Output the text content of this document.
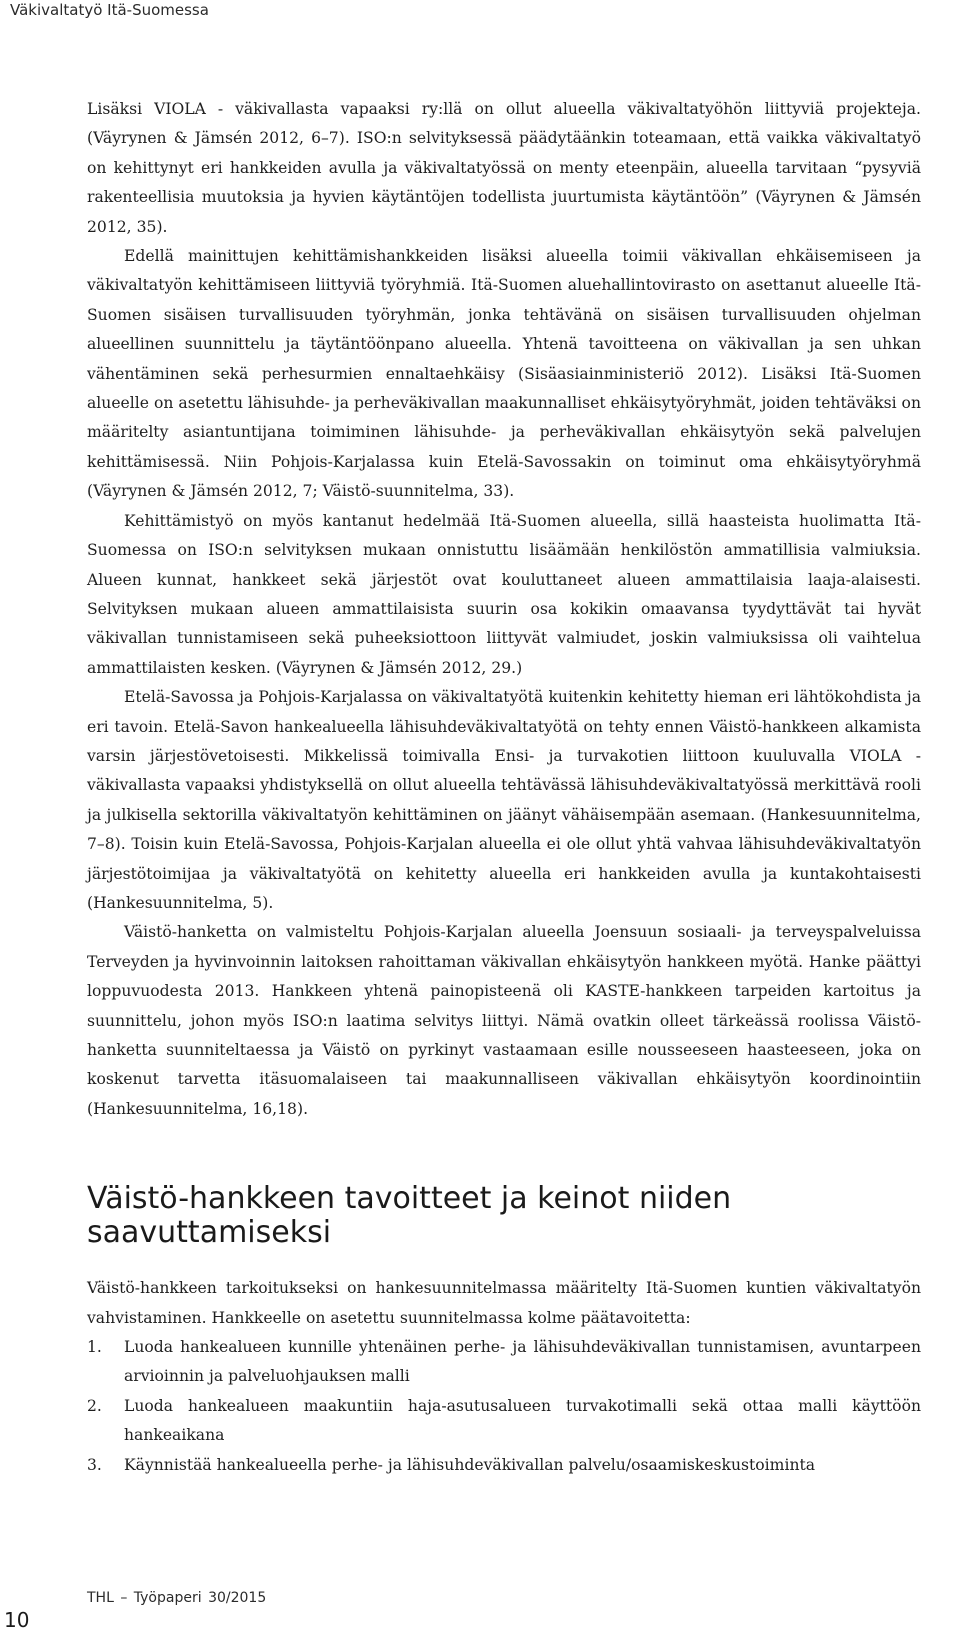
Väkivaltatyö Itä-Suomessa

Lisäksi VIOLA - väkivallasta vapaaksi ry:llä on ollut alueella väkivaltatyöhön liittyviä projekteja. (Väyrynen & Jämsén 2012, 6–7). ISO:n selvityksessä päädytäänkin toteamaan, että vaikka väkivaltatyö on kehittynyt eri hankkeiden avulla ja väkivaltatyössä on menty eteenpäin, alueella tarvitaan “pysyviä rakenteellisia muutoksia ja hyvien käytäntöjen todellista juurtumista käytäntöön” (Väyrynen & Jämsén 2012, 35).

Edellä mainittujen kehittämishankkeiden lisäksi alueella toimii väkivallan ehkäisemiseen ja väkivaltatyön kehittämiseen liittyviä työryhmiä. Itä-Suomen aluehallintovirasto on asettanut alueelle Itä-Suomen sisäisen turvallisuuden työryhmän, jonka tehtävänä on sisäisen turvallisuuden ohjelman alueellinen suunnittelu ja täytäntöönpano alueella. Yhtenä tavoitteena on väkivallan ja sen uhkan vähentäminen sekä perhesurmien ennaltaehkäisy (Sisäasiainministeriö 2012). Lisäksi Itä-Suomen alueelle on asetettu lähisuhde- ja perheväkivallan maakunnalliset ehkäisytyöryhmät, joiden tehtäväksi on määritelty asiantuntijana toimiminen lähisuhde- ja perheväkivallan ehkäisytyön sekä palvelujen kehittämisessä. Niin Pohjois-Karjalassa kuin Etelä-Savossakin on toiminut oma ehkäisytyöryhmä (Väyrynen & Jämsén 2012, 7; Väistö-suunnitelma, 33).

Kehittämistyö on myös kantanut hedelmää Itä-Suomen alueella, sillä haasteista huolimatta Itä-Suomessa on ISO:n selvityksen mukaan onnistuttu lisäämään henkilöstön ammatillisia valmiuksia. Alueen kunnat, hankkeet sekä järjestöt ovat kouluttaneet alueen ammattilaisia laaja-alaisesti. Selvityksen mukaan alueen ammattilaisista suurin osa kokikin omaavansa tyydyttävät tai hyvät väkivallan tunnistamiseen sekä puheeksiottoon liittyvät valmiudet, joskin valmiuksissa oli vaihtelua ammattilaisten kesken. (Väyrynen & Jämsén 2012, 29.)

Etelä-Savossa ja Pohjois-Karjalassa on väkivaltatyötä kuitenkin kehitetty hieman eri lähtökohdista ja eri tavoin. Etelä-Savon hankealueella lähisuhdeväkivaltatyötä on tehty ennen Väistö-hankkeen alkamista varsin järjestövetoisesti. Mikkelissä toimivalla Ensi- ja turvakotien liittoon kuuluvalla VIOLA - väkivallasta vapaaksi yhdistyksellä on ollut alueella tehtävässä lähisuhdeväkivaltatyössä merkittävä rooli ja julkisella sektorilla väkivaltatyön kehittäminen on jäänyt vähäisempään asemaan. (Hankesuunnitelma, 7–8). Toisin kuin Etelä-Savossa, Pohjois-Karjalan alueella ei ole ollut yhtä vahvaa lähisuhdeväkivaltatyön järjestötoimijaa ja väkivaltatyötä on kehitetty alueella eri hankkeiden avulla ja kuntakohtaisesti (Hankesuunnitelma, 5).

Väistö-hanketta on valmisteltu Pohjois-Karjalan alueella Joensuun sosiaali- ja terveyspalveluissa Terveyden ja hyvinvoinnin laitoksen rahoittaman väkivallan ehkäisytyön hankkeen myötä. Hanke päättyi loppuvuodesta 2013. Hankkeen yhtenä painopisteenä oli KASTE-hankkeen tarpeiden kartoitus ja suunnittelu, johon myös ISO:n laatima selvitys liittyi. Nämä ovatkin olleet tärkeässä roolissa Väistö-hanketta suunniteltaessa ja Väistö on pyrkinyt vastaamaan esille nousseeseen haasteeseen, joka on koskenut tarvetta itäsuomalaiseen tai maakunnalliseen väkivallan ehkäisytyön koordinointiin (Hankesuunnitelma, 16,18).

Väistö-hankkeen tavoitteet ja keinot niiden saavuttamiseksi

Väistö-hankkeen tarkoitukseksi on hankesuunnitelmassa määritelty Itä-Suomen kuntien väkivaltatyön vahvistaminen. Hankkeelle on asetettu suunnitelmassa kolme päätavoitetta:

1. Luoda hankealueen kunnille yhtenäinen perhe- ja lähisuhdeväkivallan tunnistamisen, avuntarpeen arvioinnin ja palveluohjauksen malli
2. Luoda hankealueen maakuntiin haja-asutusalueen turvakotimalli sekä ottaa malli käyttöön hankeaikana
3. Käynnistää hankealueella perhe- ja lähisuhdeväkivallan palvelu/osaamiskeskustoiminta
10
THL – Työpaperi 30/2015
